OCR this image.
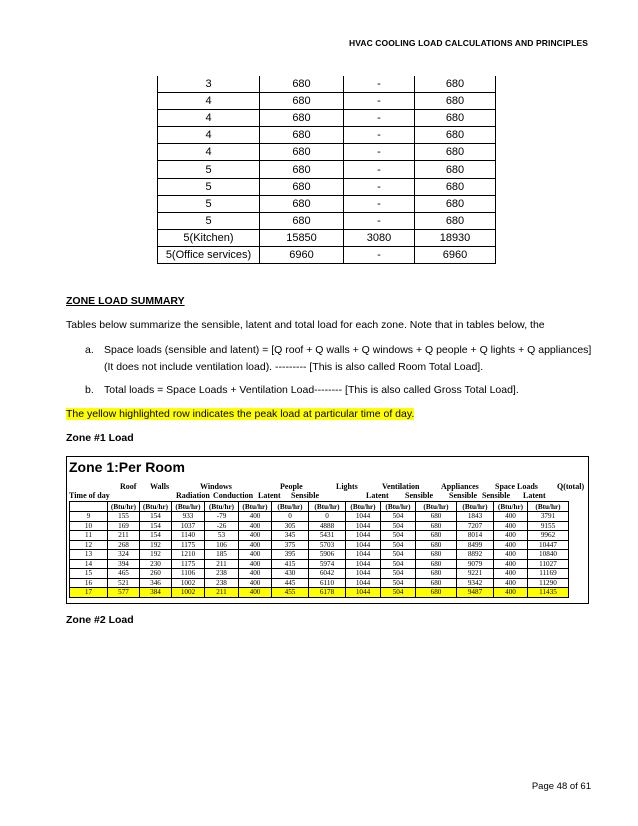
HVAC COOLING LOAD CALCULATIONS AND PRINCIPLES
3	680	-	680
4	680	-	680
4	680	-	680
4	680	-	680
4	680	-	680
5	680	-	680
5	680	-	680
5	680	-	680
5	680	-	680
5(Kitchen)	15850	3080	18930
5(Office services)	6960	-	6960
ZONE LOAD SUMMARY
Tables below summarize the sensible, latent and total load for each zone. Note that in tables below, the
a. Space loads (sensible and latent) = [Q roof + Q walls + Q windows + Q people + Q lights + Q appliances]
(It does not include ventilation load). --------- [This is also called Room Total Load].
b. Total loads = Space Loads + Ventilation Load-------- [This is also called Gross Total Load].
The yellow highlighted row indicates the peak load at particular time of day.
Zone #1 Load
Zone 1:Per Room
Roof Walls	Windows	People	Lights	Ventilation	Appliances Space Loads Q(total)
Time of day	Radiation Conduction Latent Sensible	Latent Sensible Sensible Sensible Latent
	(Btu/hr)	(Btu/hr)	(Btu/hr)	(Btu/hr)	(Btu/hr)	(Btu/hr)	(Btu/hr)	(Btu/hr)	(Btu/hr)	(Btu/hr)	(Btu/hr)	(Btu/hr)	(Btu/hr)
9	155	154	933	-79	400	0	0	1044	504	680	1843	400	3791
10	169	154	1037	-26	400	305	4888	1044	504	680	7207	400	9155
11	211	154	1140	53	400	345	5431	1044	504	680	8014	400	9962
12	268	192	1175	106	400	375	5703	1044	504	680	8499	400	10447
13	324	192	1210	185	400	395	5906	1044	504	680	8892	400	10840
14	394	230	1175	211	400	415	5974	1044	504	680	9079	400	11027
15	465	260	1106	238	400	430	6042	1044	504	680	9221	400	11169
16	521	346	1002	238	400	445	6110	1044	504	680	9342	400	11290
17	577	384	1002	211	400	455	6178	1044	504	680	9487	400	11435
Zone #2 Load
Page 48 of 61
